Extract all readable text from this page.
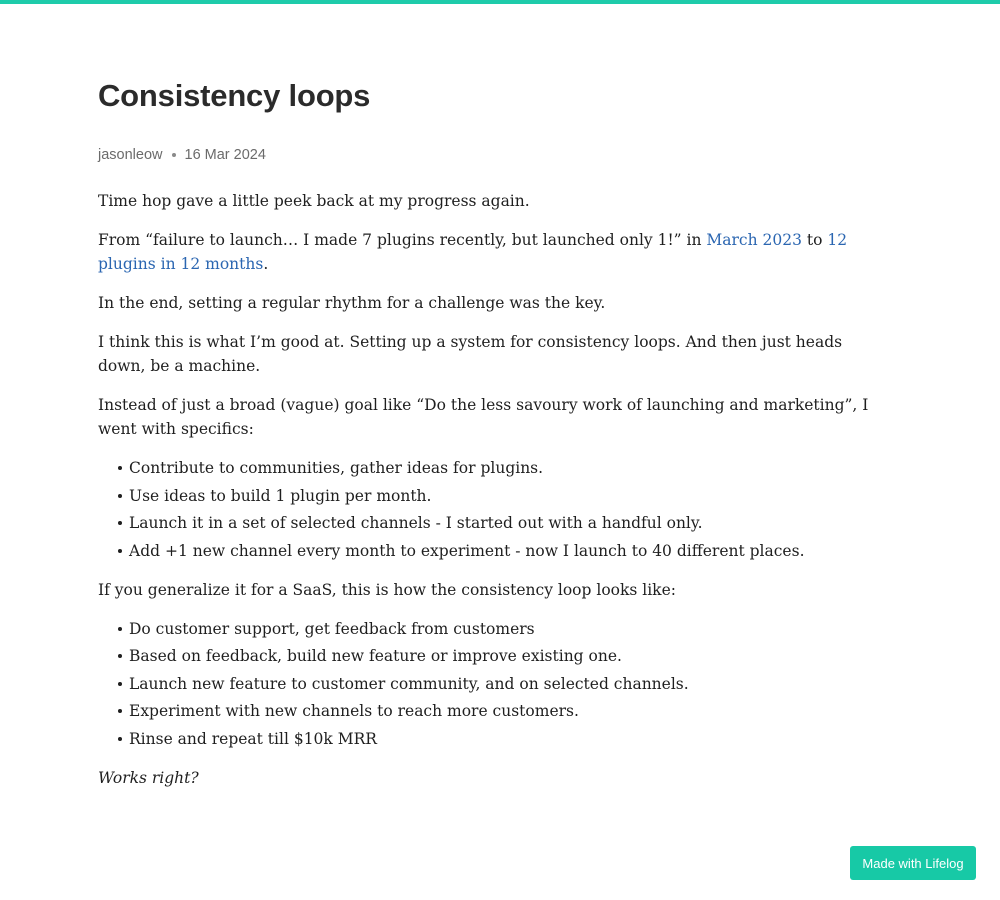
Consistency loops
jasonleow 16 Mar 2024

Time hop gave a little peek back at my progress again.

From “failure to launch… I made 7 plugins recently, but launched only 1!” in March 2023 to 12 plugins in 12 months.

In the end, setting a regular rhythm for a challenge was the key.

I think this is what I’m good at. Setting up a system for consistency loops. And then just heads down, be a machine.

Instead of just a broad (vague) goal like “Do the less savoury work of launching and marketing”, I went with specifics:

Contribute to communities, gather ideas for plugins.
Use ideas to build 1 plugin per month.
Launch it in a set of selected channels - I started out with a handful only.
Add +1 new channel every month to experiment - now I launch to 40 different places.

If you generalize it for a SaaS, this is how the consistency loop looks like:

Do customer support, get feedback from customers
Based on feedback, build new feature or improve existing one.
Launch new feature to customer community, and on selected channels.
Experiment with new channels to reach more customers.
Rinse and repeat till $10k MRR

Works right?

Made with Lifelog
